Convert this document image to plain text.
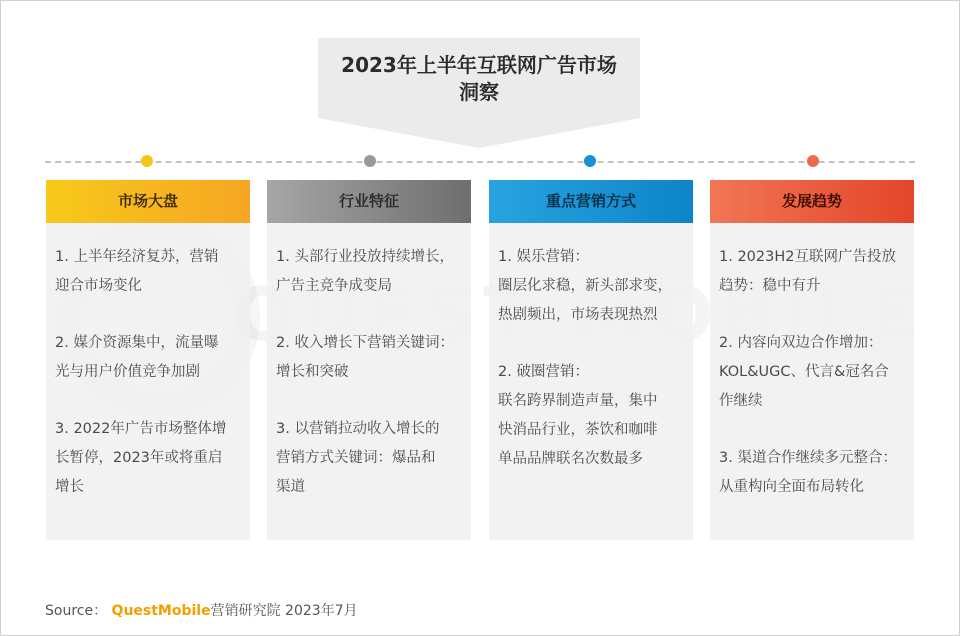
2023年上半年互联网广告市场
洞察
市场大盘
1. 上半年经济复苏，营销
迎合市场变化
2. 媒介资源集中，流量曝
光与用户价值竞争加剧
3. 2022年广告市场整体增
长暂停，2023年或将重启
增长
行业特征
1. 头部行业投放持续增长，
广告主竞争成变局
2. 收入增长下营销关键词：
增长和突破
3. 以营销拉动收入增长的
营销方式关键词：爆品和
渠道
重点营销方式
1. 娱乐营销：
圈层化求稳，新头部求变，
热剧频出，市场表现热烈
2. 破圈营销：
联名跨界制造声量，集中
快消品行业，茶饮和咖啡
单品品牌联名次数最多
发展趋势
1. 2023H2互联网广告投放
趋势：稳中有升
2. 内容向双边合作增加：
KOL&UGC、代言&冠名合
作继续
3. 渠道合作继续多元整合：
从重构向全面布局转化
Source： QuestMobile营销研究院 2023年7月
